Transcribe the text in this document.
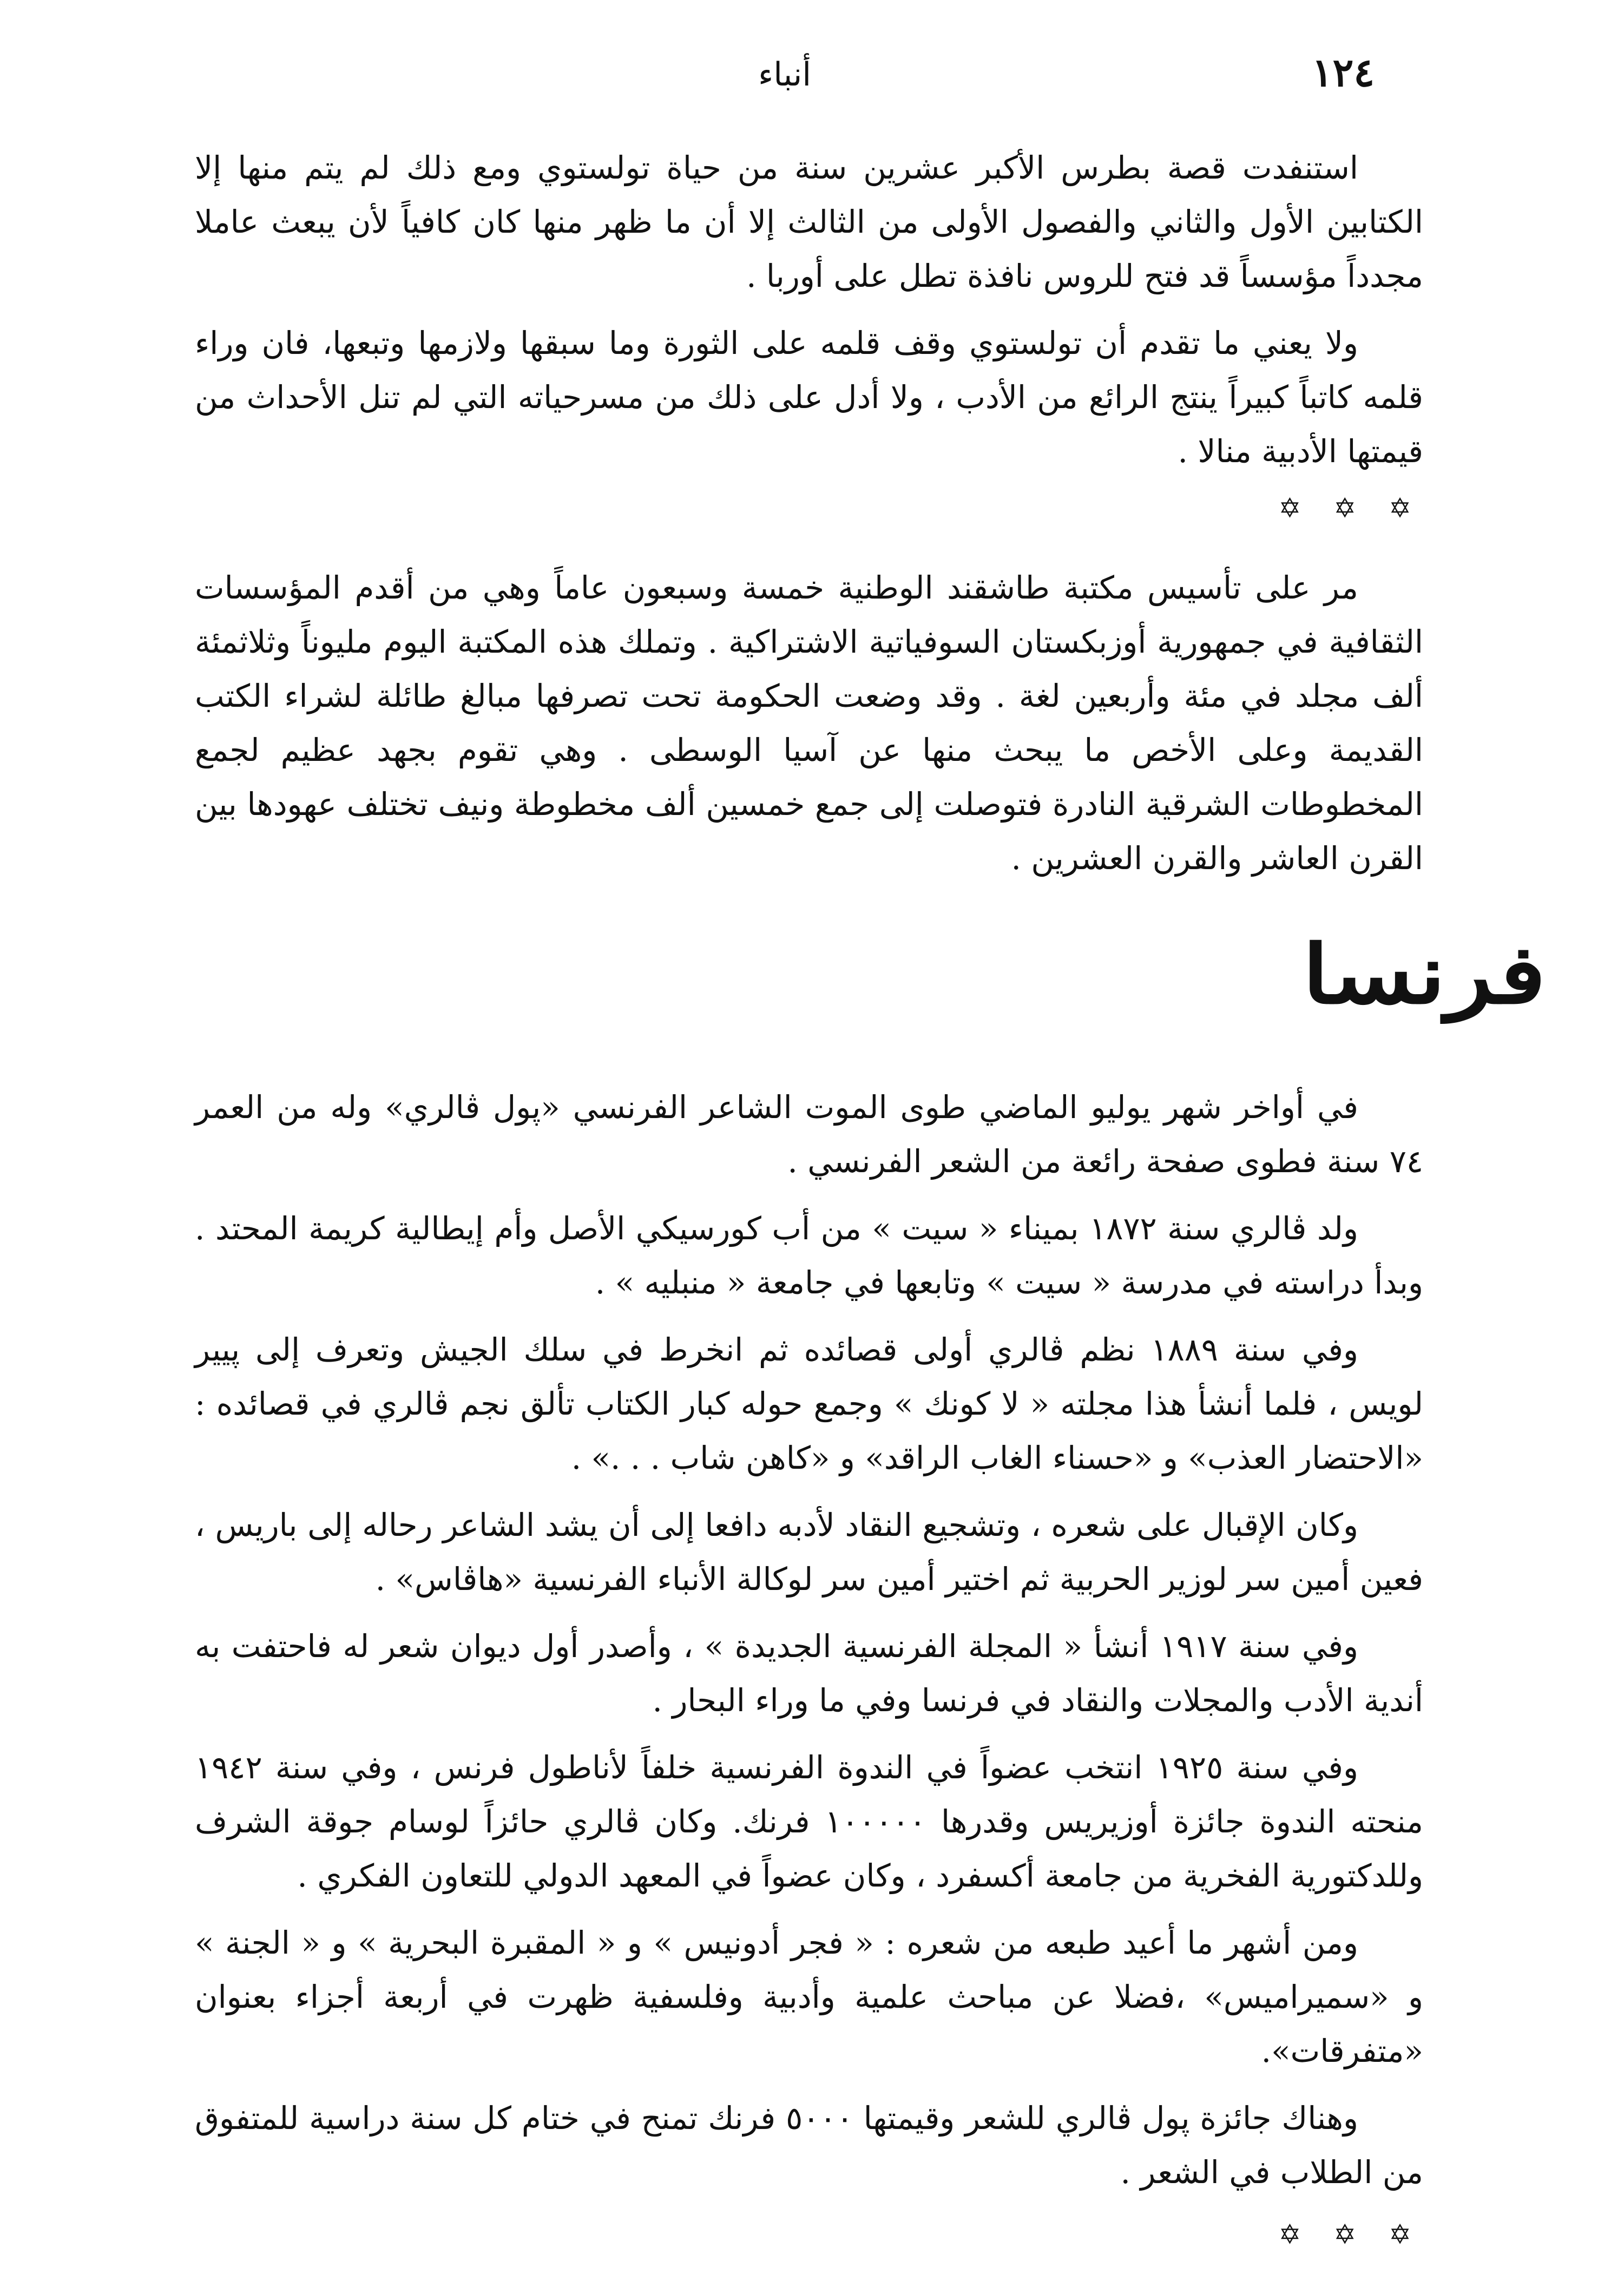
١٢٤
أنباء

استنفدت قصة بطرس الأكبر عشرين سنة من حياة تولستوي ومع ذلك لم يتم منها إلا الكتابين الأول والثاني والفصول الأولى من الثالث إلا أن ما ظهر منها كان كافياً لأن يبعث عاملا مجدداً مؤسساً قد فتح للروس نافذة تطل على أوربا .

ولا يعني ما تقدم أن تولستوي وقف قلمه على الثورة وما سبقها ولازمها وتبعها، فان وراء قلمه كاتباً كبيراً ينتج الرائع من الأدب ، ولا أدل على ذلك من مسرحياته التي لم تنل الأحداث من قيمتها الأدبية منالا .

✡ ✡ ✡

مر على تأسيس مكتبة طاشقند الوطنية خمسة وسبعون عاماً وهي من أقدم المؤسسات الثقافية في جمهورية أوزبكستان السوفياتية الاشتراكية . وتملك هذه المكتبة اليوم مليوناً وثلاثمئة ألف مجلد في مئة وأربعين لغة . وقد وضعت الحكومة تحت تصرفها مبالغ طائلة لشراء الكتب القديمة وعلى الأخص ما يبحث منها عن آسيا الوسطى . وهي تقوم بجهد عظيم لجمع المخطوطات الشرقية النادرة فتوصلت إلى جمع خمسين ألف مخطوطة ونيف تختلف عهودها بين القرن العاشر والقرن العشرين .

فرنسا

في أواخر شهر يوليو الماضي طوى الموت الشاعر الفرنسي «پول ڤالري» وله من العمر ٧٤ سنة فطوى صفحة رائعة من الشعر الفرنسي .

ولد ڤالري سنة ١٨٧٢ بميناء « سيت » من أب كورسيكي الأصل وأم إيطالية كريمة المحتد . وبدأ دراسته في مدرسة « سيت » وتابعها في جامعة « منبليه » .

وفي سنة ١٨٨٩ نظم ڤالري أولى قصائده ثم انخرط في سلك الجيش وتعرف إلى پيير لويس ، فلما أنشأ هذا مجلته « لا كونك » وجمع حوله كبار الكتاب تألق نجم ڤالري في قصائده : «الاحتضار العذب» و «حسناء الغاب الراقد» و «كاهن شاب . . .» .

وكان الإقبال على شعره ، وتشجيع النقاد لأدبه دافعا إلى أن يشد الشاعر رحاله إلى باريس ، فعين أمين سر لوزير الحربية ثم اختير أمين سر لوكالة الأنباء الفرنسية «هاڤاس» .

وفي سنة ١٩١٧ أنشأ « المجلة الفرنسية الجديدة » ، وأصدر أول ديوان شعر له فاحتفت به أندية الأدب والمجلات والنقاد في فرنسا وفي ما وراء البحار .

وفي سنة ١٩٢٥ انتخب عضواً في الندوة الفرنسية خلفاً لأناطول فرنس ، وفي سنة ١٩٤٢ منحته الندوة جائزة أوزيريس وقدرها ١٠٠٠٠٠ فرنك. وكان ڤالري حائزاً لوسام جوقة الشرف وللدكتورية الفخرية من جامعة أكسفرد ، وكان عضواً في المعهد الدولي للتعاون الفكري .

ومن أشهر ما أعيد طبعه من شعره : « فجر أدونيس » و « المقبرة البحرية » و « الجنة » و «سميراميس» ،فضلا عن مباحث علمية وأدبية وفلسفية ظهرت في أربعة أجزاء بعنوان «متفرقات».

وهناك جائزة پول ڤالري للشعر وقيمتها ٥٠٠٠ فرنك تمنح في ختام كل سنة دراسية للمتفوق من الطلاب في الشعر .

✡ ✡ ✡
